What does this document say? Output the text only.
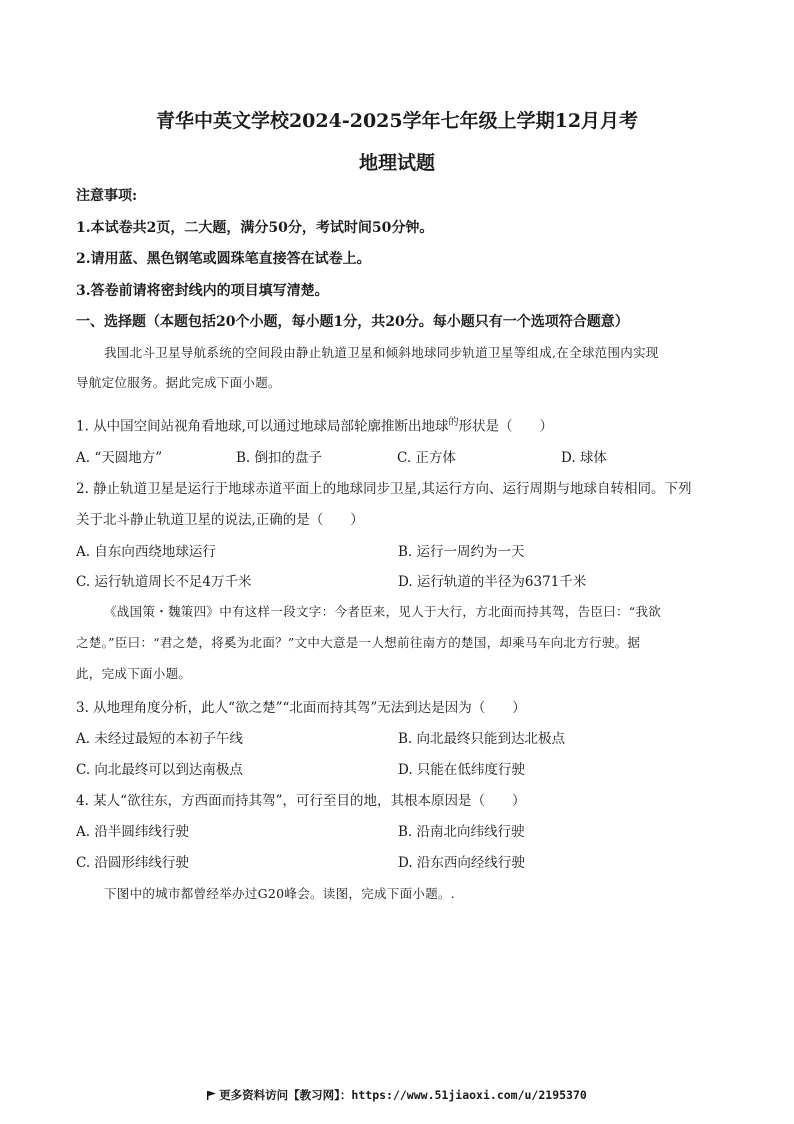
青华中英文学校2024-2025学年七年级上学期12月月考
地理试题
注意事项:
1.本试卷共2页，二大题，满分50分，考试时间50分钟。
2.请用蓝、黑色钢笔或圆珠笔直接答在试卷上。
3.答卷前请将密封线内的项目填写清楚。
一、选择题（本题包括20个小题，每小题1分，共20分。每小题只有一个选项符合题意）
我国北斗卫星导航系统的空间段由静止轨道卫星和倾斜地球同步轨道卫星等组成,在全球范围内实现
导航定位服务。据此完成下面小题。
1. 从中国空间站视角看地球,可以通过地球局部轮廓推断出地球$^的$形状是（　　）
A. “天圆地方”	B. 倒扣的盘子	C. 正方体	D. 球体
2. 静止轨道卫星是运行于地球赤道平面上的地球同步卫星,其运行方向、运行周期与地球自转相同。下列
关于北斗静止轨道卫星的说法,正确的是（　　）
A. 自东向西绕地球运行	B. 运行一周约为一天
C. 运行轨道周长不足4万千米	D. 运行轨道的半径为6371千米
《战国策・魏策四》中有这样一段文字：今者臣来，见人于大行，方北面而持其驾，告臣曰：“我欲
之楚。”臣曰：“君之楚，将奚为北面？”文中大意是一人想前往南方的楚国，却乘马车向北方行驶。据
此，完成下面小题。
3. 从地理角度分析，此人“欲之楚”“北面而持其驾”无法到达是因为（　　）
A. 未经过最短的本初子午线	B. 向北最终只能到达北极点
C. 向北最终可以到达南极点	D. 只能在低纬度行驶
4. 某人“欲往东，方西面而持其驾”，可行至目的地，其根本原因是（　　）
A. 沿半圆纬线行驶	B. 沿南北向纬线行驶
C. 沿圆形纬线行驶	D. 沿东西向经线行驶
下图中的城市都曾经举办过G20峰会。读图，完成下面小题。.
更多资料访问【教习网】：https://www.51jiaoxi.com/u/2195370
